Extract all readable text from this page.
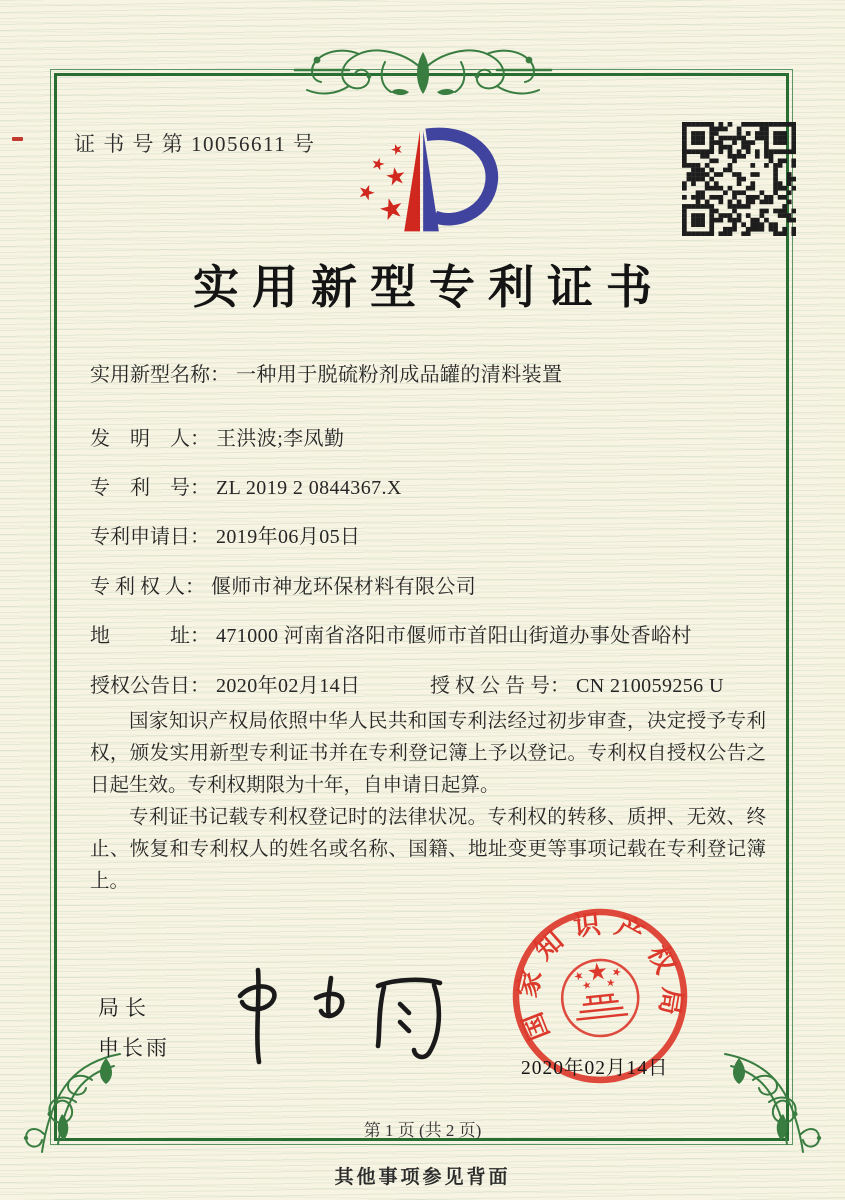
证 书 号 第 10056611 号
实用新型专利证书
实用新型名称： 一种用于脱硫粉剂成品罐的清料装置
发　明　人： 王洪波;李凤勤
专　利　号： ZL 2019 2 0844367.X
专利申请日： 2019年06月05日
专 利 权 人： 偃师市神龙环保材料有限公司
地　　　址： 471000 河南省洛阳市偃师市首阳山街道办事处香峪村
授权公告日： 2020年02月14日	授 权 公 告 号： CN 210059256 U

国家知识产权局依照中华人民共和国专利法经过初步审查，决定授予专利权，颁发实用新型专利证书并在专利登记簿上予以登记。专利权自授权公告之日起生效。专利权期限为十年，自申请日起算。

专利证书记载专利权登记时的法律状况。专利权的转移、质押、无效、终止、恢复和专利权人的姓名或名称、国籍、地址变更等事项记载在专利登记簿上。

局长
申长雨
国家知识产权局
2020年02月14日
第 1 页 (共 2 页)
其他事项参见背面
